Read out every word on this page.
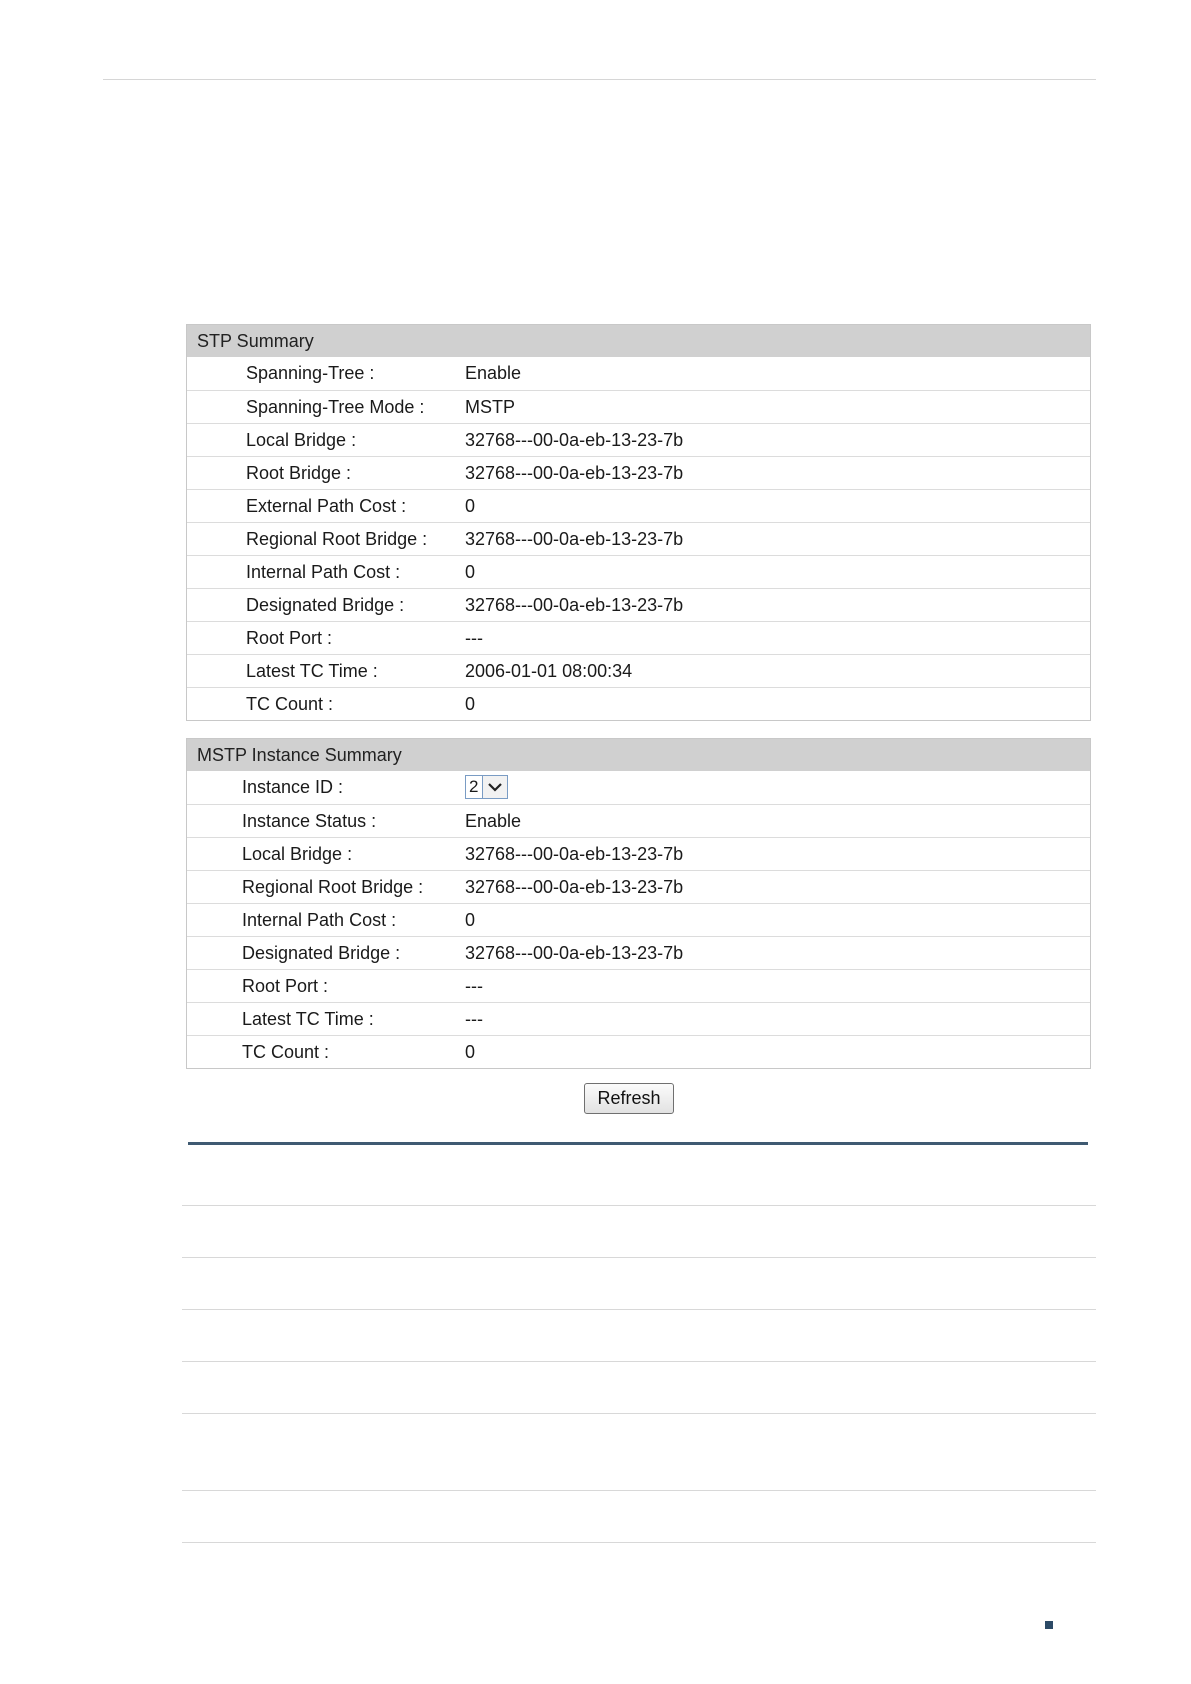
STP Summary
Spanning-Tree :	Enable
Spanning-Tree Mode : MSTP
Local Bridge :	32768---00-0a-eb-13-23-7b
Root Bridge :	32768---00-0a-eb-13-23-7b
External Path Cost :	0
Regional Root Bridge : 32768---00-0a-eb-13-23-7b
Internal Path Cost :	0
Designated Bridge :	32768---00-0a-eb-13-23-7b
Root Port :	---
Latest TC Time :	2006-01-01 08:00:34
TC Count :	0
MSTP Instance Summary
Instance ID :	2
Instance Status :	Enable
Local Bridge :	32768---00-0a-eb-13-23-7b
Regional Root Bridge : 32768---00-0a-eb-13-23-7b
Internal Path Cost :	0
Designated Bridge :	32768---00-0a-eb-13-23-7b
Root Port :	---
Latest TC Time :	---
TC Count :	0
Refresh
